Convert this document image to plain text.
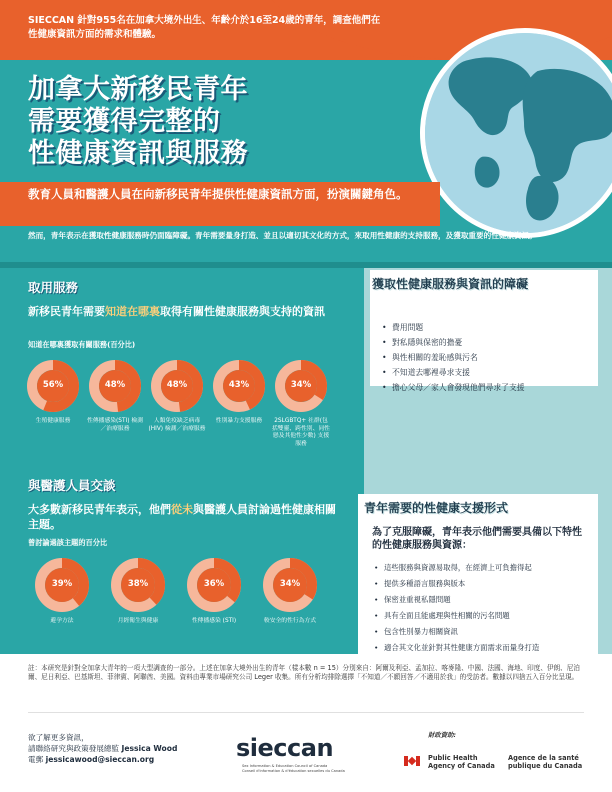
SIECCAN 針對955名在加拿大境外出生、年齡介於16至24歲的青年，調查他們在性健康資訊方面的需求和體驗。
加拿大新移民青年
需要獲得完整的
性健康資訊與服務
教育人員和醫護人員在向新移民青年提供性健康資訊方面，扮演關鍵角色。
然而，青年表示在獲取性健康服務時仍面臨障礙。青年需要量身打造、並且以適切其文化的方式，來取用性健康的支持服務，及獲取重要的性健康資訊。
取用服務
新移民青年需要知道在哪裏取得有關性健康服務與支持的資訊
知道在哪裏獲取有關服務(百分比)
56%
生殖健康服務
48%
性傳播感染(STI) 檢測／治療服務
48%
人類免疫缺乏病毒 (HIV) 檢測／治療服務
43%
性別暴力支援服務
34%
2SLGBTQ+ 社群(包括雙靈、跨性別、同性戀及其他性少數) 支援服務
與醫護人員交談
大多數新移民青年表示，他們從未與醫護人員討論過性健康相關主題。
曾討論過該主題的百分比
39%
避孕方法
38%
月經衛生與健康
36%
性傳播感染 (STI)
34%
較安全的性行為方式
獲取性健康服務與資訊的障礙
• 費用問題
• 對私隱與保密的擔憂
• 與性相關的羞恥感與污名
• 不知道去哪裡尋求支援
• 擔心父母／家人會發現他們尋求了支援
青年需要的性健康支援形式
為了克服障礙，青年表示他們需要具備以下特性的性健康服務與資源：
• 這些服務與資源易取得，在經濟上可負擔得起
• 提供多種語言服務與版本
• 保密並重視私隱問題
• 具有全面且能處理與性相關的污名問題
• 包含性別暴力相關資訊
• 適合其文化並針對其性健康方面需求而量身打造
註：本研究是針對全加拿大青年的一項大型調查的一部分。上述在加拿大境外出生的青年（樣本數 n = 15）分別來自：阿爾及利亞、孟加拉、喀麥隆、中國、法國、海地、印度、伊朗、尼泊爾、尼日利亞、巴基斯坦、菲律賓、阿聯酋、美國。資料由專業市場研究公司 Leger 收集。所有分析均排除選擇「不知道／不願回答／不適用於我」的受訪者。數據以四捨五入百分比呈現。
欲了解更多資訊，
請聯絡研究與政策發展總監 Jessica Wood
電郵 jessicawood@sieccan.org	sieccan
Sex Information & Education Council of Canada
Conseil d'information & d'éducation sexuelles du Canada
財政資助:
Public Health
Agency of Canada
Agence de la santé
publique du Canada
